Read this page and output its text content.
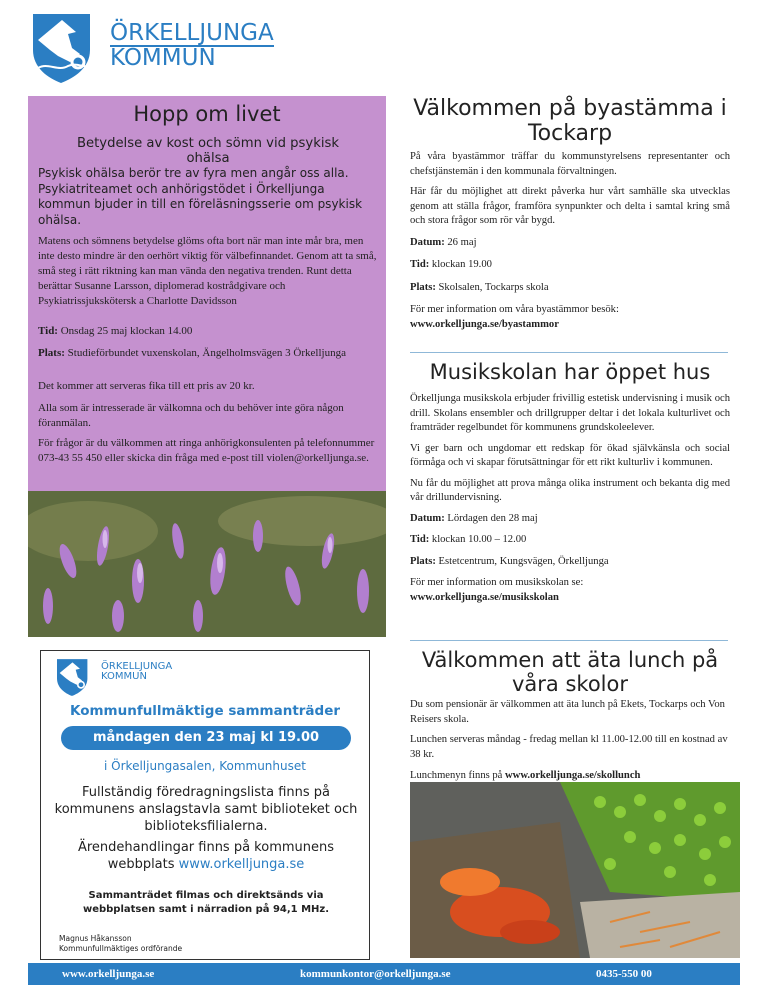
ÖRKELLJUNGA
KOMMUN
Hopp om livet
Betydelse av kost och sömn vid psykisk ohälsa
Psykisk ohälsa berör tre av fyra men angår oss alla. Psykiatriteamet och anhörigstödet i Örkelljunga kommun bjuder in till en föreläsningsserie om psykisk ohälsa.
Matens och sömnens betydelse glöms ofta bort när man inte mår bra, men inte desto mindre är den oerhört viktig för välbefinnandet. Genom att ta små, små steg i rätt riktning kan man vända den negativa trenden. Runt detta berättar Susanne Larsson, diplomerad kostrådgivare och Psykiatrissjukskötersk a Charlotte Davidsson
Tid: Onsdag 25 maj klockan 14.00
Plats: Studieförbundet vuxenskolan, Ängelholmsvägen 3 Örkelljunga
Det kommer att serveras fika till ett pris av 20 kr.
Alla som är intresserade är välkomna och du behöver inte göra någon föranmälan.
För frågor är du välkommen att ringa anhörigkonsulenten på telefonnummer 073-43 55 450 eller skicka din fråga med e-post till violen@orkelljunga.se.
Välkommen på byastämma i Tockarp
På våra byastämmor träffar du kommunstyrelsens representanter och chefstjänstemän i den kommunala förvaltningen.
Här får du möjlighet att direkt påverka hur vårt samhälle ska utvecklas genom att ställa frågor, framföra synpunkter och delta i samtal kring små och stora frågor som rör vår bygd.
Datum: 26 maj
Tid: klockan 19.00
Plats: Skolsalen, Tockarps skola
För mer information om våra byastämmor besök:
www.orkelljunga.se/byastammor
Musikskolan har öppet hus
Örkelljunga musikskola erbjuder frivillig estetisk undervisning i musik och drill. Skolans ensembler och drillgrupper deltar i det lokala kulturlivet och framträder regelbundet för kommunens grundskoleelever.
Vi ger barn och ungdomar ett redskap för ökad självkänsla och social förmåga och vi skapar förutsättningar för ett rikt kulturliv i kommunen.
Nu får du möjlighet att prova många olika instrument och bekanta dig med vår drillundervisning.
Datum: Lördagen den 28 maj
Tid: klockan 10.00 – 12.00
Plats: Estetcentrum, Kungsvägen, Örkelljunga
För mer information om musikskolan se:
www.orkelljunga.se/musikskolan
Välkommen att äta lunch på våra skolor
Du som pensionär är välkommen att äta lunch på Ekets, Tockarps och Von Reisers skola.
Lunchen serveras måndag - fredag mellan kl 11.00-12.00 till en kostnad av 38 kr.
Lunchmenyn finns på www.orkelljunga.se/skollunch
ÖRKELLJUNGA
KOMMUN
Kommunfullmäktige sammanträder
måndagen den 23 maj kl 19.00
i Örkelljungasalen, Kommunhuset
Fullständig föredragningslista finns på kommunens anslagstavla samt biblioteket och biblioteksfilialerna.
Ärendehandlingar finns på kommunens webbplats www.orkelljunga.se
Sammanträdet filmas och direktsänds via webbplatsen samt i närradion på 94,1 MHz.
Magnus Håkansson
Kommunfullmäktiges ordförande
www.orkelljunga.se	kommunkontor@orkelljunga.se	0435-550 00
